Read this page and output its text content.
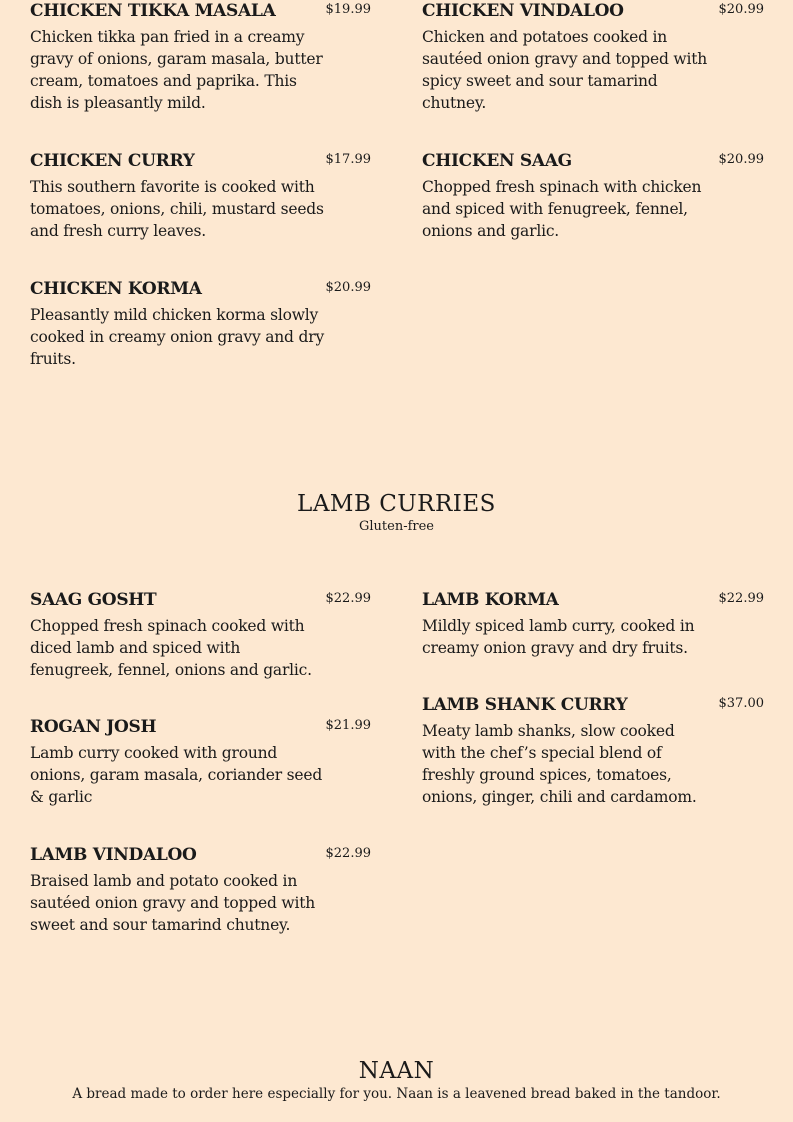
CHICKEN TIKKA MASALA	$19.99
Chicken tikka pan fried in a creamy gravy of onions, garam masala, butter cream, tomatoes and paprika. This dish is pleasantly mild.
CHICKEN VINDALOO	$20.99
Chicken and potatoes cooked in sautéed onion gravy and topped with spicy sweet and sour tamarind chutney.
CHICKEN CURRY	$17.99
This southern favorite is cooked with tomatoes, onions, chili, mustard seeds and fresh curry leaves.
CHICKEN SAAG	$20.99
Chopped fresh spinach with chicken and spiced with fenugreek, fennel, onions and garlic.
CHICKEN KORMA	$20.99
Pleasantly mild chicken korma slowly cooked in creamy onion gravy and dry fruits.
LAMB CURRIES
Gluten-free
SAAG GOSHT	$22.99
Chopped fresh spinach cooked with diced lamb and spiced with fenugreek, fennel, onions and garlic.
LAMB KORMA	$22.99
Mildly spiced lamb curry, cooked in creamy onion gravy and dry fruits.
ROGAN JOSH	$21.99
Lamb curry cooked with ground onions, garam masala, coriander seed & garlic
LAMB SHANK CURRY	$37.00
Meaty lamb shanks, slow cooked with the chef’s special blend of freshly ground spices, tomatoes, onions, ginger, chili and cardamom.
LAMB VINDALOO	$22.99
Braised lamb and potato cooked in sautéed onion gravy and topped with sweet and sour tamarind chutney.
NAAN
A bread made to order here especially for you. Naan is a leavened bread baked in the tandoor.
